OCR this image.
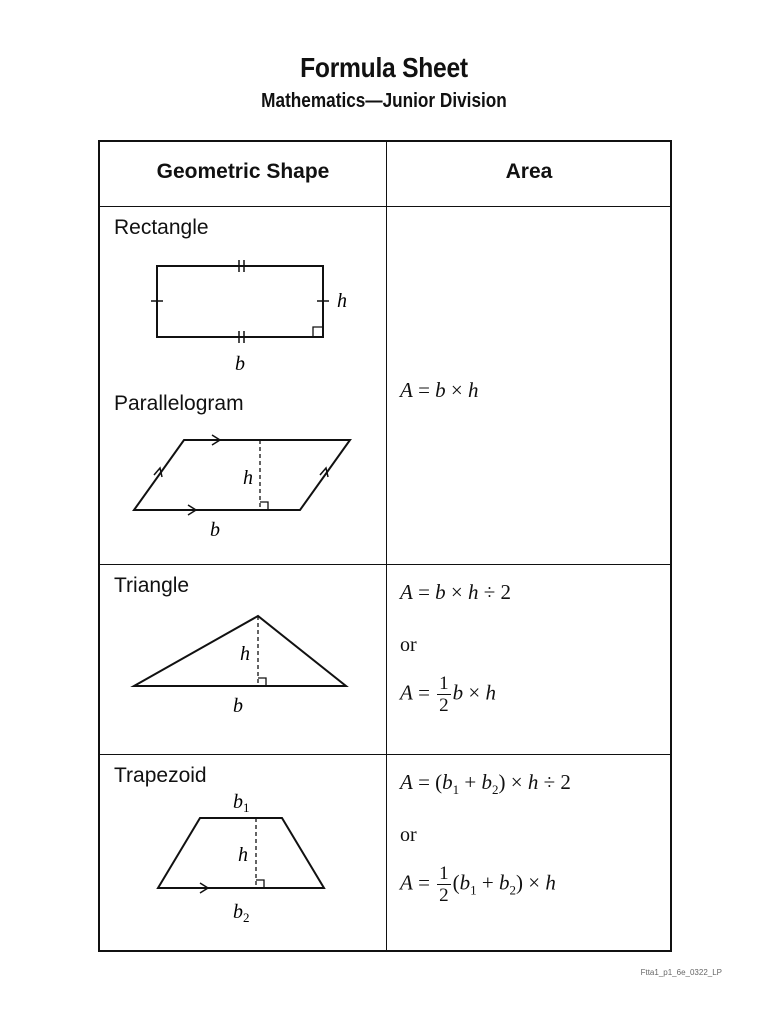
Formula Sheet
Mathematics—Junior Division
Geometric Shape	Area
Rectangle
h
b
Parallelogram
h
b
A = b × h
Triangle
h
b
A = b × h ÷ 2
or
$A = \frac{1}{2}$ b × h
Trapezoid
$b_1$
h
$b_2$
$A = (b_1 + b_2) \times h \div 2$
or
$A = \frac{1}{2} (b_1 + b_2) \times h$
Ftta1_p1_6e_0322_LP
